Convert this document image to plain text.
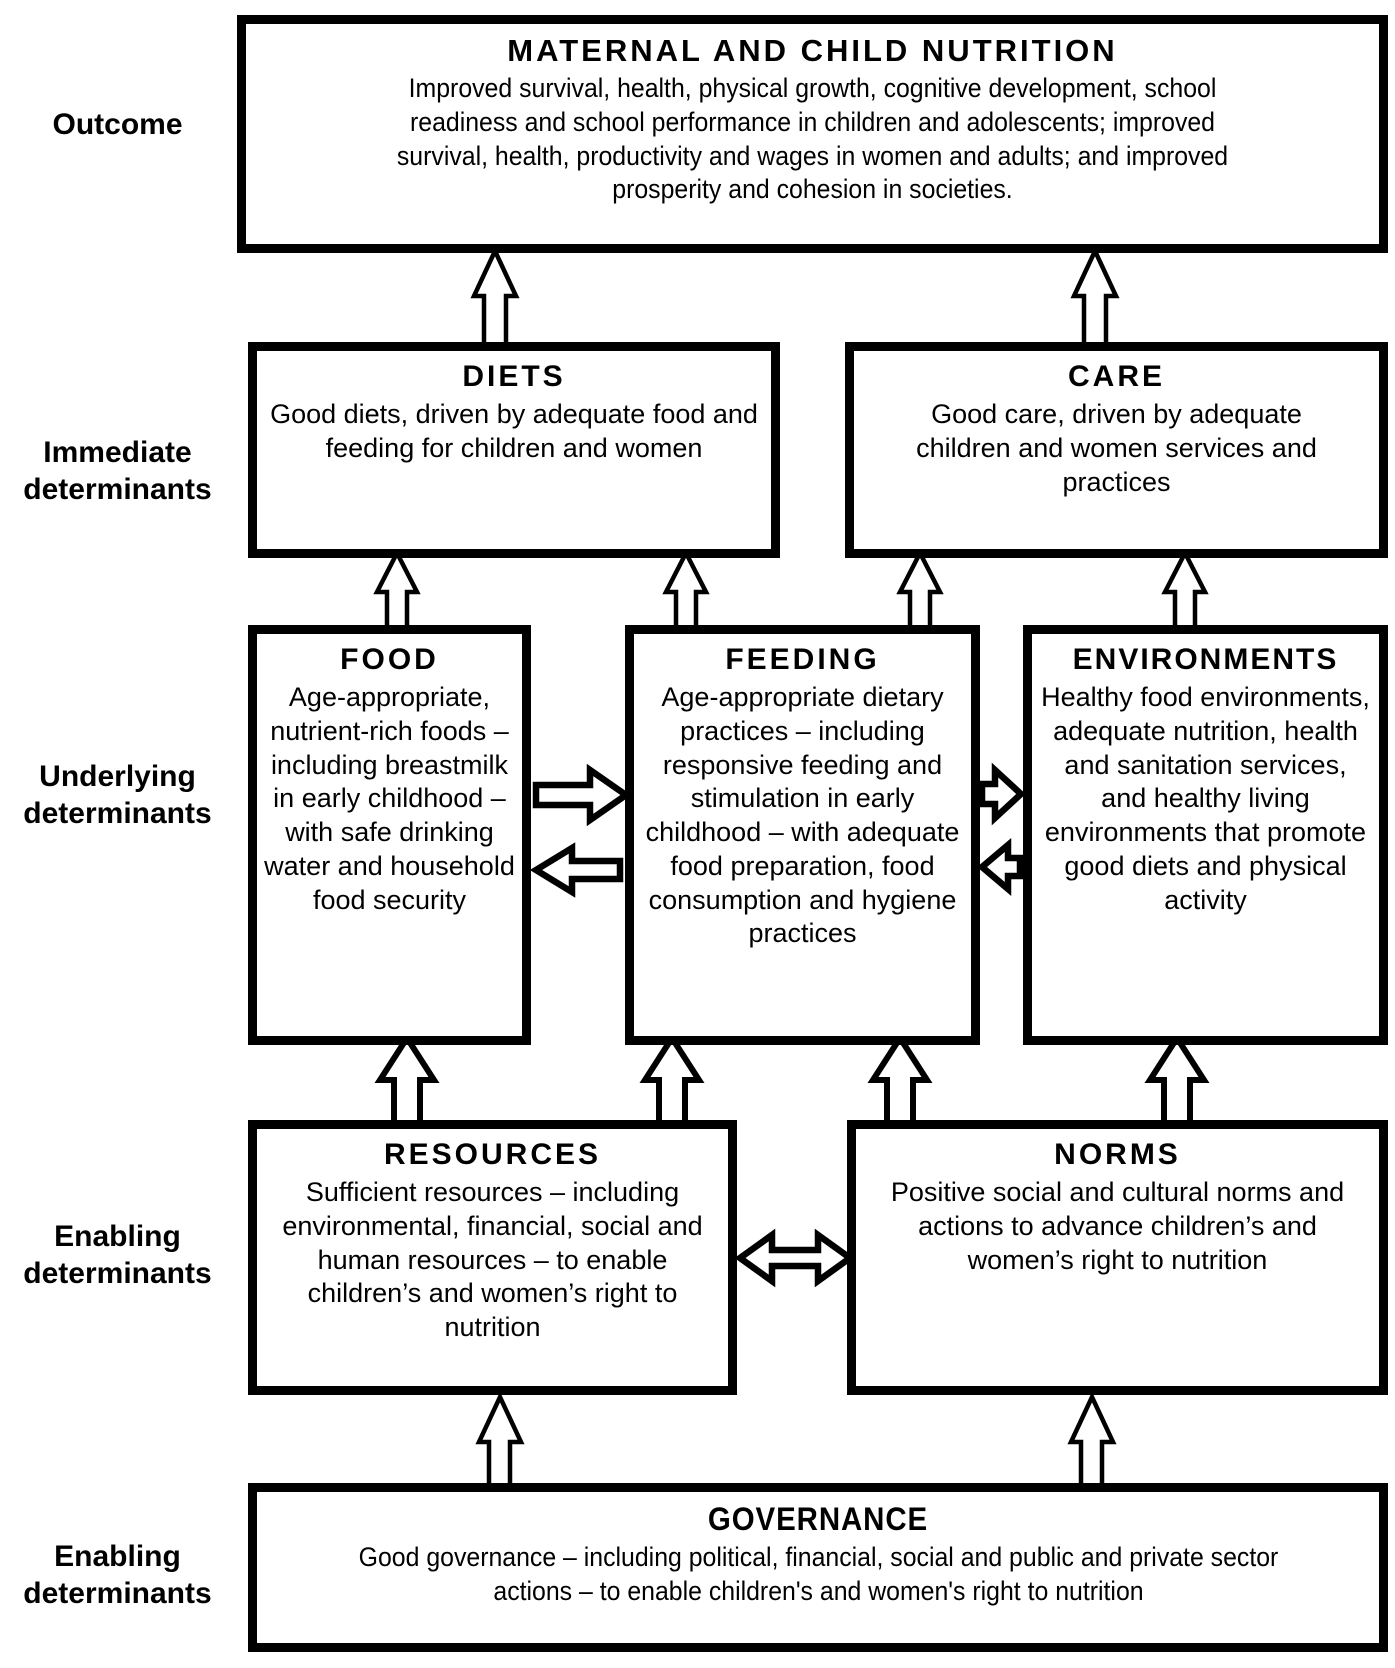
Outcome
Immediate determinants
Underlying determinants
Enabling determinants
Enabling determinants
MATERNAL AND CHILD NUTRITION
Improved survival, health, physical growth, cognitive development, school readiness and school performance in children and adolescents; improved survival, health, productivity and wages in women and adults; and improved prosperity and cohesion in societies.
DIETS
Good diets, driven by adequate food and feeding for children and women
CARE
Good care, driven by adequate children and women services and practices
FOOD
Age-appropriate, nutrient-rich foods – including breastmilk in early childhood – with safe drinking water and household food security
FEEDING
Age-appropriate dietary practices – including responsive feeding and stimulation in early childhood – with adequate food preparation, food consumption and hygiene practices
ENVIRONMENTS
Healthy food environments, adequate nutrition, health and sanitation services, and healthy living environments that promote good diets and physical activity
RESOURCES
Sufficient resources – including environmental, financial, social and human resources – to enable children’s and women’s right to nutrition
NORMS
Positive social and cultural norms and actions to advance children’s and women’s right to nutrition
GOVERNANCE
Good governance – including political, financial, social and public and private sector actions – to enable children's and women's right to nutrition
